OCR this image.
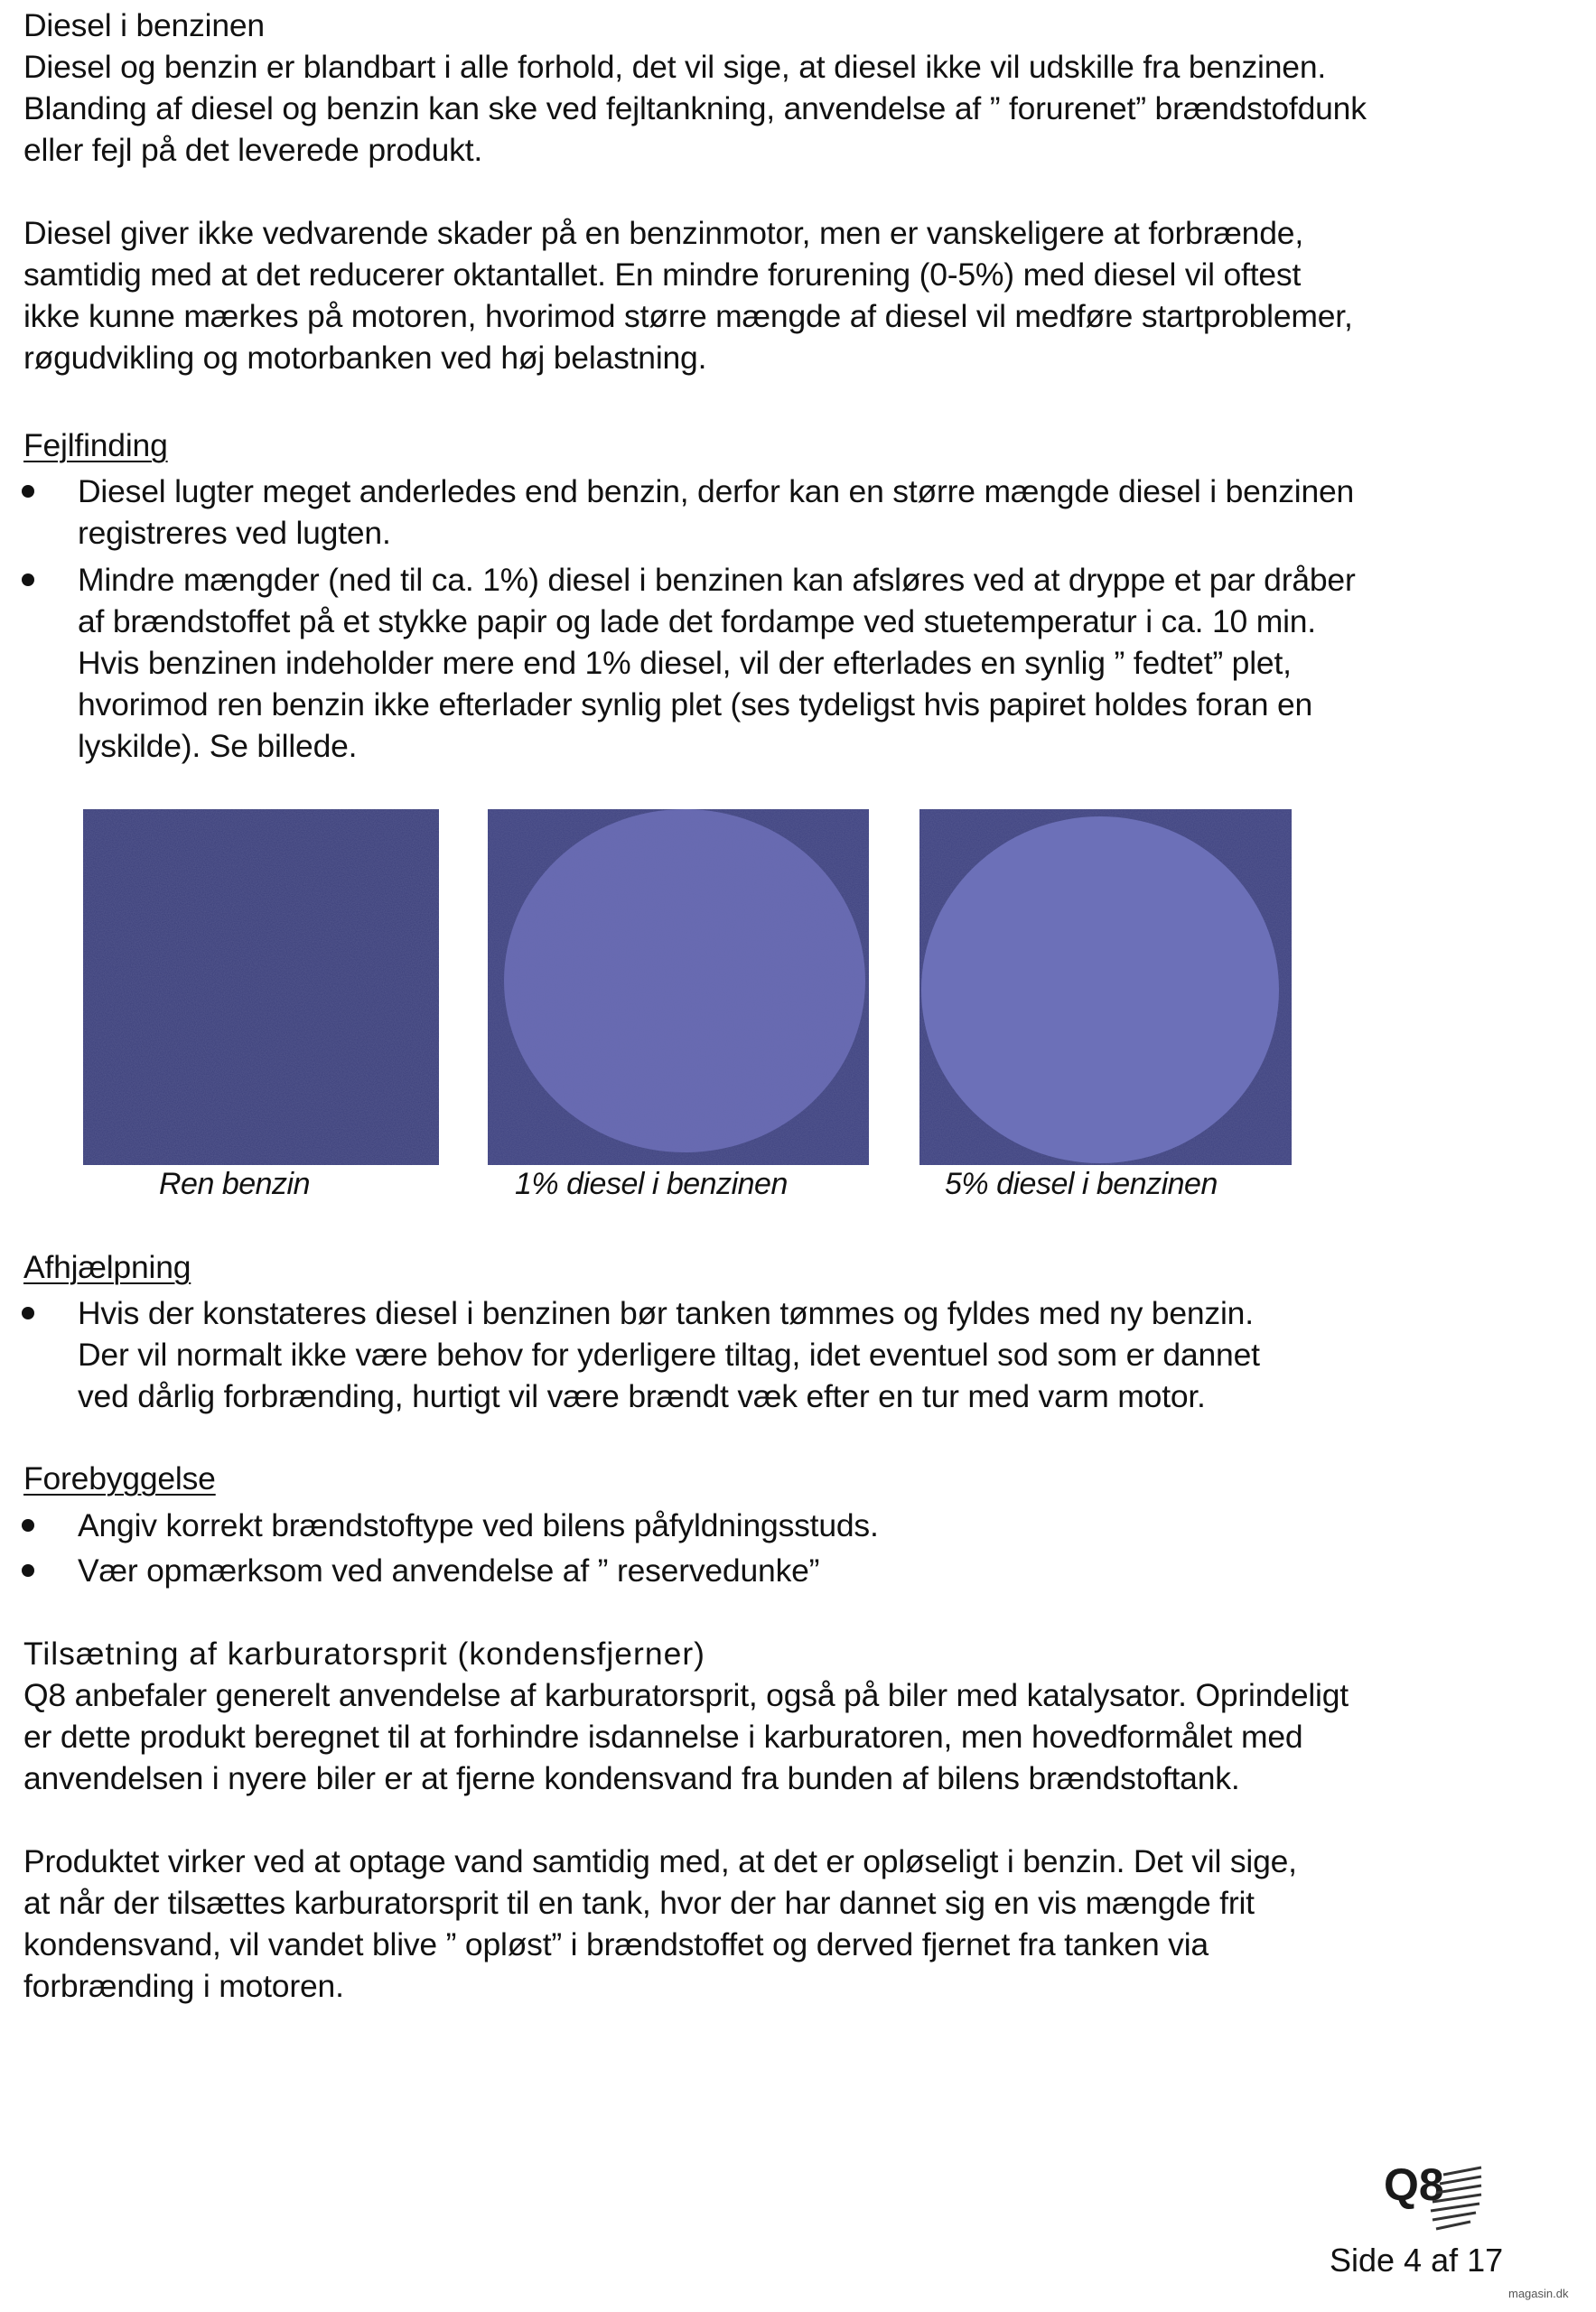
Diesel i benzinen
Diesel og benzin er blandbart i alle forhold, det vil sige, at diesel ikke vil udskille fra benzinen.
Blanding af diesel og benzin kan ske ved fejltankning, anvendelse af ” forurenet” brændstofdunk
eller fejl på det leverede produkt.
Diesel giver ikke vedvarende skader på en benzinmotor, men er vanskeligere at forbrænde,
samtidig med at det reducerer oktantallet. En mindre forurening (0-5%) med diesel vil oftest
ikke kunne mærkes på motoren, hvorimod større mængde af diesel vil medføre startproblemer,
røgudvikling og motorbanken ved høj belastning.
Fejlfinding
Diesel lugter meget anderledes end benzin, derfor kan en større mængde diesel i benzinen
registreres ved lugten.
Mindre mængder (ned til ca. 1%) diesel i benzinen kan afsløres ved at dryppe et par dråber
af brændstoffet på et stykke papir og lade det fordampe ved stuetemperatur i ca. 10 min.
Hvis benzinen indeholder mere end 1% diesel, vil der efterlades en synlig ” fedtet” plet,
hvorimod ren benzin ikke efterlader synlig plet (ses tydeligst hvis papiret holdes foran en
lyskilde). Se billede.
Ren benzin	1% diesel i benzinen	5% diesel i benzinen
Afhjælpning
Hvis der konstateres diesel i benzinen bør tanken tømmes og fyldes med ny benzin.
Der vil normalt ikke være behov for yderligere tiltag, idet eventuel sod som er dannet
ved dårlig forbrænding, hurtigt vil være brændt væk efter en tur med varm motor.
Forebyggelse
Angiv korrekt brændstoftype ved bilens påfyldningsstuds.
Vær opmærksom ved anvendelse af ” reservedunke”
Tilsætning af karburatorsprit (kondensfjerner)
Q8 anbefaler generelt anvendelse af karburatorsprit, også på biler med katalysator. Oprindeligt
er dette produkt beregnet til at forhindre isdannelse i karburatoren, men hovedformålet med
anvendelsen i nyere biler er at fjerne kondensvand fra bunden af bilens brændstoftank.
Produktet virker ved at optage vand samtidig med, at det er opløseligt i benzin. Det vil sige,
at når der tilsættes karburatorsprit til en tank, hvor der har dannet sig en vis mængde frit
kondensvand, vil vandet blive ” opløst” i brændstoffet og derved fjernet fra tanken via
forbrænding i motoren.
Q8
Side 4 af 17
magasin.dk
